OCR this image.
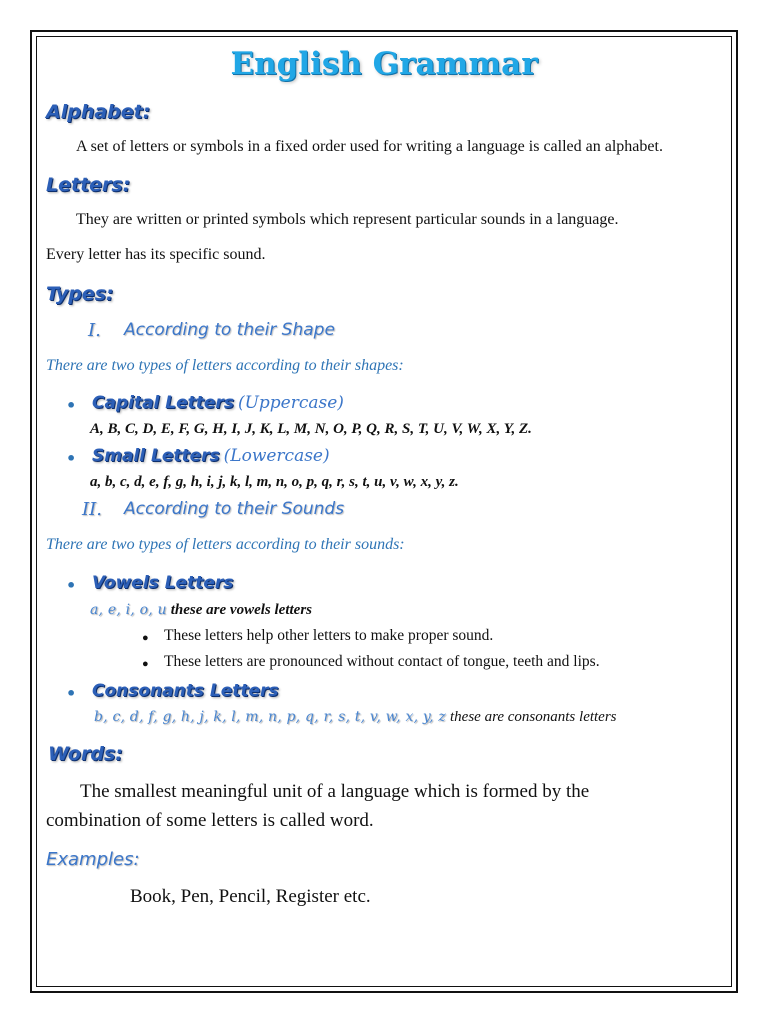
English Grammar
Alphabet:
A set of letters or symbols in a fixed order used for writing a language is called an alphabet.
Letters:
They are written or printed symbols which represent particular sounds in a language.
Every letter has its specific sound.
Types:
I. According to their Shape
There are two types of letters according to their shapes:
• Capital Letters (Uppercase)
A, B, C, D, E, F, G, H, I, J, K, L, M, N, O, P, Q, R, S, T, U, V, W, X, Y, Z.
• Small Letters (Lowercase)
a, b, c, d, e, f, g, h, i, j, k, l, m, n, o, p, q, r, s, t, u, v, w, x, y, z.
II. According to their Sounds
There are two types of letters according to their sounds:
• Vowels Letters
a, e, i, o, u these are vowels letters
● These letters help other letters to make proper sound.
● These letters are pronounced without contact of tongue, teeth and lips.
• Consonants Letters
b, c, d, f, g, h, j, k, l, m, n, p, q, r, s, t, v, w, x, y, z these are consonants letters
Words:
The smallest meaningful unit of a language which is formed by the
combination of some letters is called word.
Examples:
Book, Pen, Pencil, Register etc.
